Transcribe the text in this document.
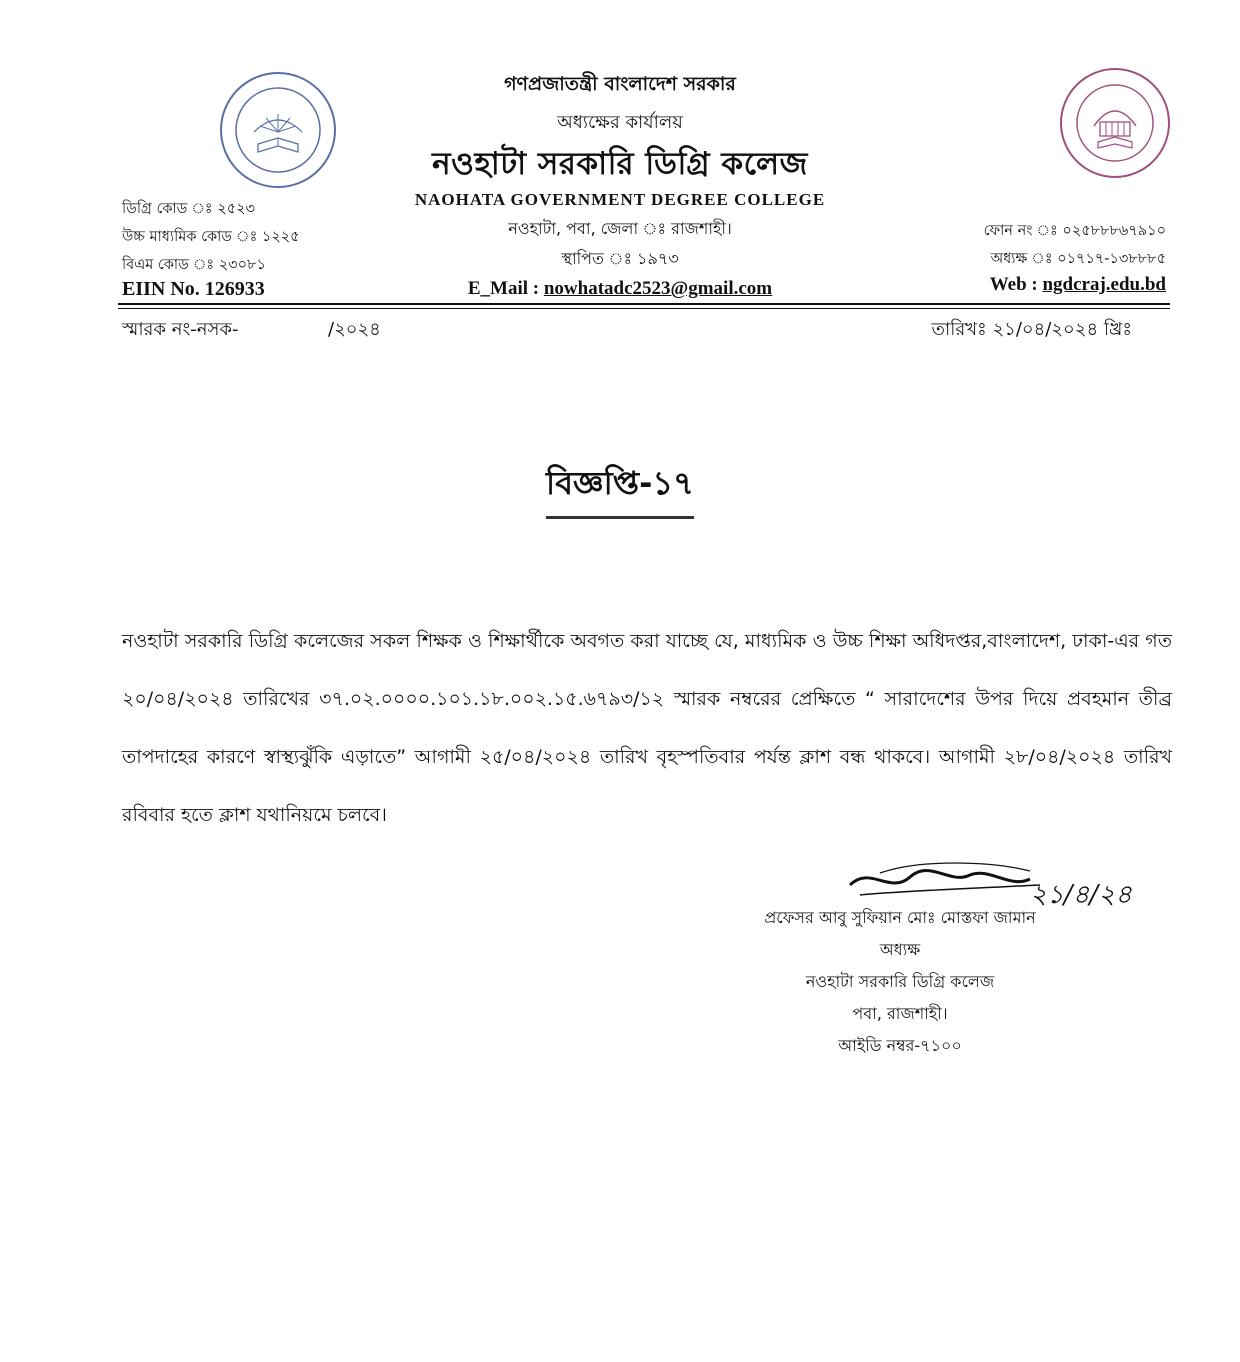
গণপ্রজাতন্ত্রী বাংলাদেশ সরকার
অধ্যক্ষের কার্যালয়
নওহাটা সরকারি ডিগ্রি কলেজ
NAOHATA GOVERNMENT DEGREE COLLEGE
নওহাটা, পবা, জেলা ঃ রাজশাহী।
স্থাপিত ঃ ১৯৭৩
E_Mail : nowhatadc2523@gmail.com
ডিগ্রি কোড ঃ ২৫২৩
উচ্চ মাধ্যমিক কোড ঃ ১২২৫
বিএম কোড ঃ ২৩০৮১
EIIN No. 126933
ফোন নং ঃ ০২৫৮৮৮৬৭৯১০
অধ্যক্ষ ঃ ০১৭১৭-১৩৮৮৮৫
Web : ngdcraj.edu.bd
স্মারক নং-নসক-	/২০২৪	তারিখঃ ২১/০৪/২০২৪ খ্রিঃ
বিজ্ঞপ্তি-১৭
নওহাটা সরকারি ডিগ্রি কলেজের সকল শিক্ষক ও শিক্ষার্থীকে অবগত করা যাচ্ছে যে, মাধ্যমিক ও উচ্চ শিক্ষা অধিদপ্তর,বাংলাদেশ, ঢাকা-এর গত ২০/০৪/২০২৪ তারিখের ৩৭.০২.০০০০.১০১.১৮.০০২.১৫.৬৭৯৩/১২ স্মারক নম্বরের প্রেক্ষিতে “ সারাদেশের উপর দিয়ে প্রবহমান তীব্র তাপদাহের কারণে স্বাস্থ্যঝুঁকি এড়াতে” আগামী ২৫/০৪/২০২৪ তারিখ বৃহস্পতিবার পর্যন্ত ক্লাশ বন্ধ থাকবে। আগামী ২৮/০৪/২০২৪ তারিখ রবিবার হতে ক্লাশ যথানিয়মে চলবে।
২১/৪/২৪
প্রফেসর আবু সুফিয়ান মোঃ মোস্তফা জামান
অধ্যক্ষ
নওহাটা সরকারি ডিগ্রি কলেজ
পবা, রাজশাহী।
আইডি নম্বর-৭১০০
